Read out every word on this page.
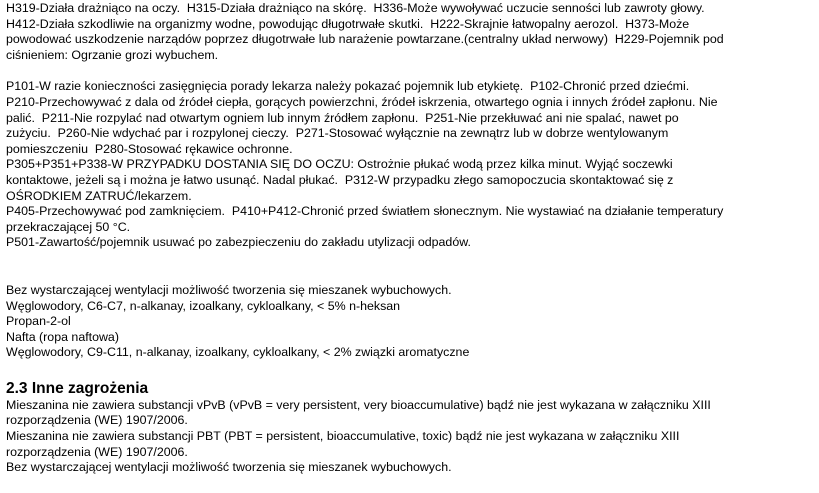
H319-Działa drażniąco na oczy.  H315-Działa drażniąco na skórę.  H336-Może wywoływać uczucie senności lub zawroty głowy.
H412-Działa szkodliwie na organizmy wodne, powodując długotrwałe skutki.  H222-Skrajnie łatwopalny aerozol.  H373-Może
powodować uszkodzenie narządów poprzez długotrwałe lub narażenie powtarzane.(centralny układ nerwowy)  H229-Pojemnik pod
ciśnieniem: Ogrzanie grozi wybuchem.

P101-W razie konieczności zasięgnięcia porady lekarza należy pokazać pojemnik lub etykietę.  P102-Chronić przed dziećmi.

P210-Przechowywać z dala od źródeł ciepła, gorących powierzchni, źródeł iskrzenia, otwartego ognia i innych źródeł zapłonu. Nie
palić.  P211-Nie rozpylać nad otwartym ogniem lub innym źródłem zapłonu.  P251-Nie przekłuwać ani nie spalać, nawet po
zużyciu.  P260-Nie wdychać par i rozpylonej cieczy.  P271-Stosować wyłącznie na zewnątrz lub w dobrze wentylowanym
pomieszczeniu  P280-Stosować rękawice ochronne.

P305+P351+P338-W PRZYPADKU DOSTANIA SIĘ DO OCZU: Ostrożnie płukać wodą przez kilka minut. Wyjąć soczewki
kontaktowe, jeżeli są i można je łatwo usunąć. Nadal płukać.  P312-W przypadku złego samopoczucia skontaktować się z
OŚRODKIEM ZATRUĆ/lekarzem.

P405-Przechowywać pod zamknięciem.  P410+P412-Chronić przed światłem słonecznym. Nie wystawiać na działanie temperatury
przekraczającej 50 °C.

P501-Zawartość/pojemnik usuwać po zabezpieczeniu do zakładu utylizacji odpadów.

Bez wystarczającej wentylacji możliwość tworzenia się mieszanek wybuchowych.

Węglowodory, C6-C7, n-alkanay, izoalkany, cykloalkany, < 5% n-heksan

Propan-2-ol

Nafta (ropa naftowa)

Węglowodory, C9-C11, n-alkanay, izoalkany, cykloalkany, < 2% związki aromatyczne

2.3 Inne zagrożenia

Mieszanina nie zawiera substancji vPvB (vPvB = very persistent, very bioaccumulative) bądź nie jest wykazana w załączniku XIII
rozporządzenia (WE) 1907/2006.

Mieszanina nie zawiera substancji PBT (PBT = persistent, bioaccumulative, toxic) bądź nie jest wykazana w załączniku XIII
rozporządzenia (WE) 1907/2006.

Bez wystarczającej wentylacji możliwość tworzenia się mieszanek wybuchowych.
